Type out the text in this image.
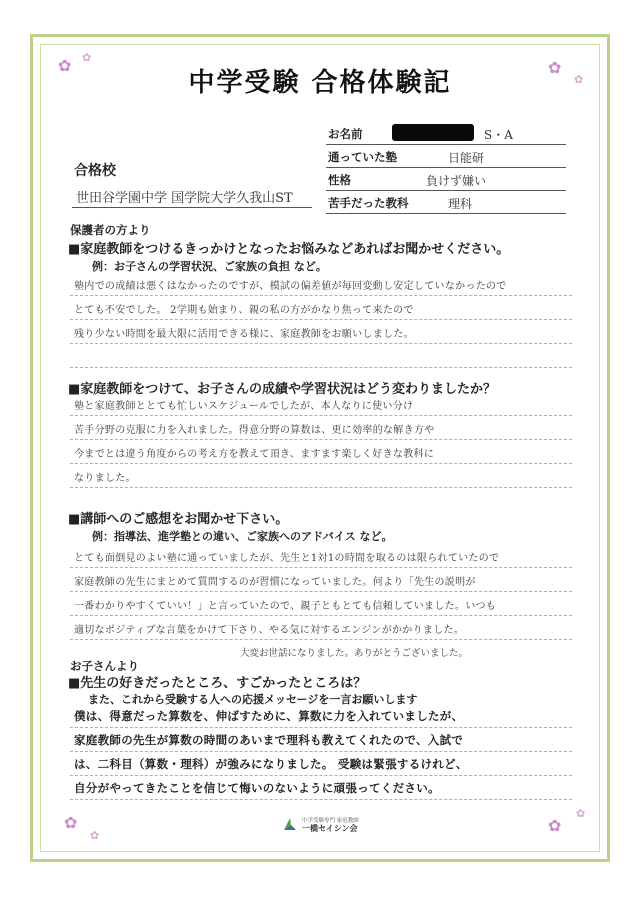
✿ ✿
✿
✿
✿
✿
✿
✿
中学受験 合格体験記
お名前	S・A
通っていた塾	日能研
性格	負けず嫌い
苦手だった教科	理科
合格校
世田谷学園中学 国学院大学久我山ST
保護者の方より
■家庭教師をつけるきっかけとなったお悩みなどあればお聞かせください。
例：お子さんの学習状況、ご家族の負担 など。
塾内での成績は悪くはなかったのですが、模試の偏差値が毎回変動し安定していなかったので
とても不安でした。 2学期も始まり、親の私の方がかなり焦って来たので
残り少ない時間を最大限に活用できる様に、家庭教師をお願いしました。
■家庭教師をつけて、お子さんの成績や学習状況はどう変わりましたか？
塾と家庭教師ととても忙しいスケジュールでしたが、本人なりに使い分け
苦手分野の克服に力を入れました。得意分野の算数は、更に効率的な解き方や
今までとは違う角度からの考え方を教えて頂き、ますます楽しく好きな教科に
なりました。
■講師へのご感想をお聞かせ下さい。
例：指導法、進学塾との違い、ご家族へのアドバイス など。
とても面倒見のよい塾に通っていましたが、先生と1対1の時間を取るのは限られていたので
家庭教師の先生にまとめて質問するのが習慣になっていました。何より「先生の説明が
一番わかりやすくていい！」と言っていたので、親子ともとても信頼していました。いつも
適切なポジティブな言葉をかけて下さり、やる気に対するエンジンがかかりました。
大変お世話になりました。ありがとうございました。
お子さんより
■先生の好きだったところ、すごかったところは？
また、これから受験する人への応援メッセージを一言お願いします
僕は、得意だった算数を、伸ばすために、算数に力を入れていましたが、
家庭教師の先生が算数の時間のあいまで理科も教えてくれたので、入試で
は、二科目（算数・理科）が強みになりました。 受験は緊張するけれど、
自分がやってきたことを信じて悔いのないように頑張ってください。
中学受験専門 家庭教師
一橋セイシン会
